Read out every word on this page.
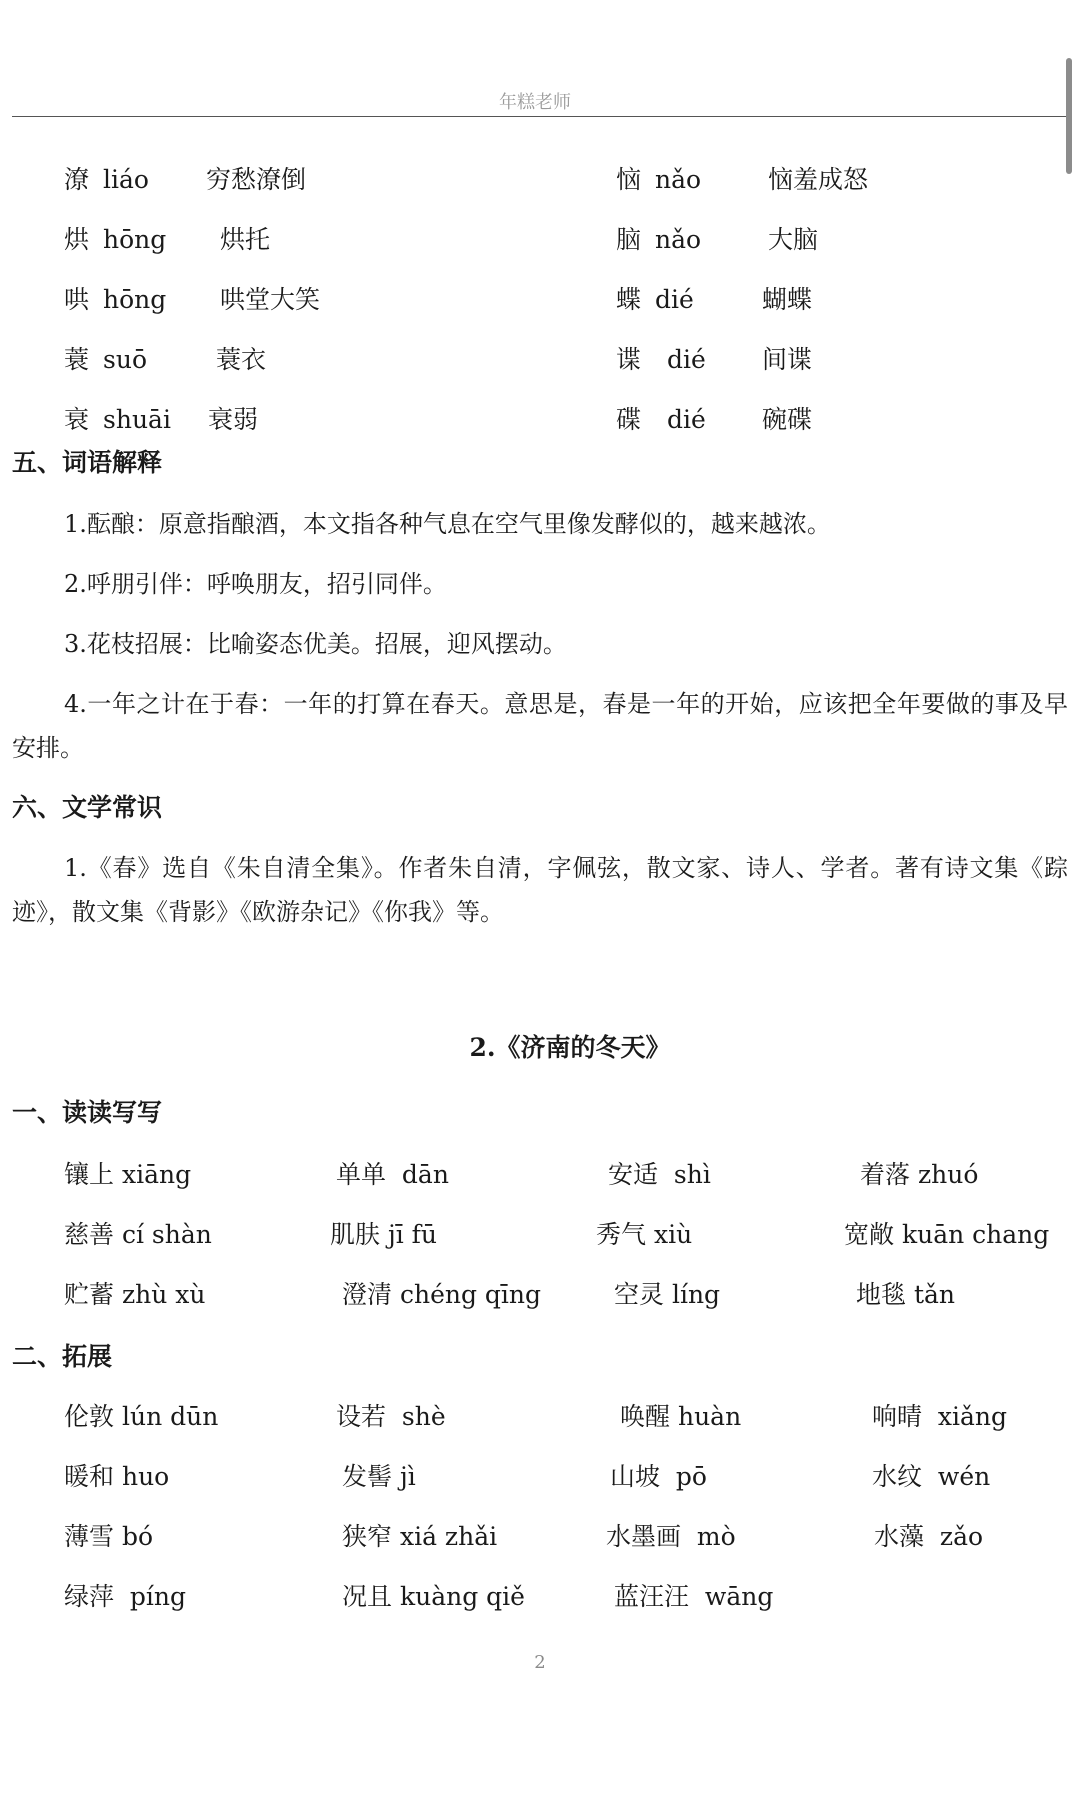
年糕老师
潦 liáo 穷愁潦倒	恼 nǎo	恼羞成怒
烘 hōng 烘托	脑 nǎo	大脑
哄 hōng 哄堂大笑	蝶 dié	蝴蝶
蓑 suō	蓑衣	谍 dié 间谍
衰 shuāi 衰弱	碟 dié 碗碟
五、词语解释

1.酝酿：原意指酿酒，本文指各种气息在空气里像发酵似的，越来越浓。

2.呼朋引伴：呼唤朋友，招引同伴。

3.花枝招展：比喻姿态优美。招展，迎风摆动。

4.一年之计在于春：一年的打算在春天。意思是，春是一年的开始，应该把全年要做的事及早安排。

六、文学常识

1.《春》选自《朱自清全集》。作者朱自清，字佩弦，散文家、诗人、学者。著有诗文集《踪迹》，散文集《背影》《欧游杂记》《你我》等。

2.《济南的冬天》
一、读读写写
镶上 xiāng	单单 dān	安适 shì	着落 zhuó
慈善 cí shàn	肌肤 jī fū	秀气 xiù	宽敞 kuān chang
贮蓄 zhù xù	澄清 chéng qīng	空灵 líng	地毯 tǎn
二、拓展
伦敦 lún dūn	设若 shè	唤醒 huàn	响晴 xiǎng
暖和 huo	发髻 jì	山坡 pō	水纹 wén
薄雪 bó	狭窄 xiá zhǎi	水墨画 mò	水藻 zǎo
绿萍 píng	况且 kuàng qiě	蓝汪汪 wāng
2
